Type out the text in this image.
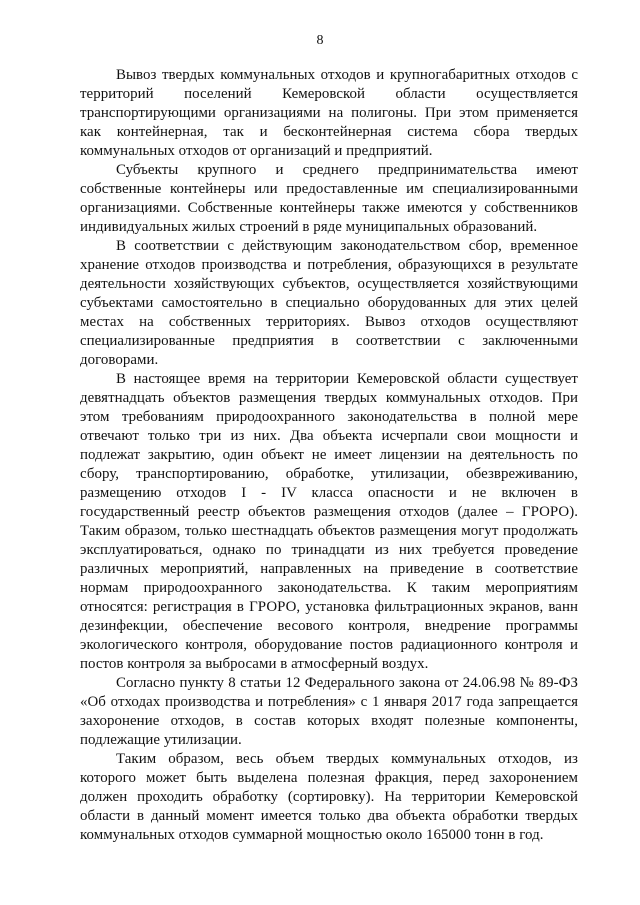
8

Вывоз твердых коммунальных отходов и крупногабаритных отходов с территорий поселений Кемеровской области осуществляется транспортирующими организациями на полигоны. При этом применяется как контейнерная, так и бесконтейнерная система сбора твердых коммунальных отходов от организаций и предприятий.

Субъекты крупного и среднего предпринимательства имеют собственные контейнеры или предоставленные им специализированными организациями. Собственные контейнеры также имеются у собственников индивидуальных жилых строений в ряде муниципальных образований.

В соответствии с действующим законодательством сбор, временное хранение отходов производства и потребления, образующихся в результате деятельности хозяйствующих субъектов, осуществляется хозяйствующими субъектами самостоятельно в специально оборудованных для этих целей местах на собственных территориях. Вывоз отходов осуществляют специализированные предприятия в соответствии с заключенными договорами.

В настоящее время на территории Кемеровской области существует девятнадцать объектов размещения твердых коммунальных отходов. При этом требованиям природоохранного законодательства в полной мере отвечают только три из них. Два объекта исчерпали свои мощности и подлежат закрытию, один объект не имеет лицензии на деятельность по сбору, транспортированию, обработке, утилизации, обезвреживанию, размещению отходов I - IV класса опасности и не включен в государственный реестр объектов размещения отходов (далее – ГРОРО). Таким образом, только шестнадцать объектов размещения могут продолжать эксплуатироваться, однако по тринадцати из них требуется проведение различных мероприятий, направленных на приведение в соответствие нормам природоохранного законодательства. К таким мероприятиям относятся: регистрация в ГРОРО, установка фильтрационных экранов, ванн дезинфекции, обеспечение весового контроля, внедрение программы экологического контроля, оборудование постов радиационного контроля и постов контроля за выбросами в атмосферный воздух.

Согласно пункту 8 статьи 12 Федерального закона от 24.06.98 № 89-ФЗ «Об отходах производства и потребления» с 1 января 2017 года запрещается захоронение отходов, в состав которых входят полезные компоненты, подлежащие утилизации.

Таким образом, весь объем твердых коммунальных отходов, из которого может быть выделена полезная фракция, перед захоронением должен проходить обработку (сортировку). На территории Кемеровской области в данный момент имеется только два объекта обработки твердых коммунальных отходов суммарной мощностью около 165000 тонн в год.
